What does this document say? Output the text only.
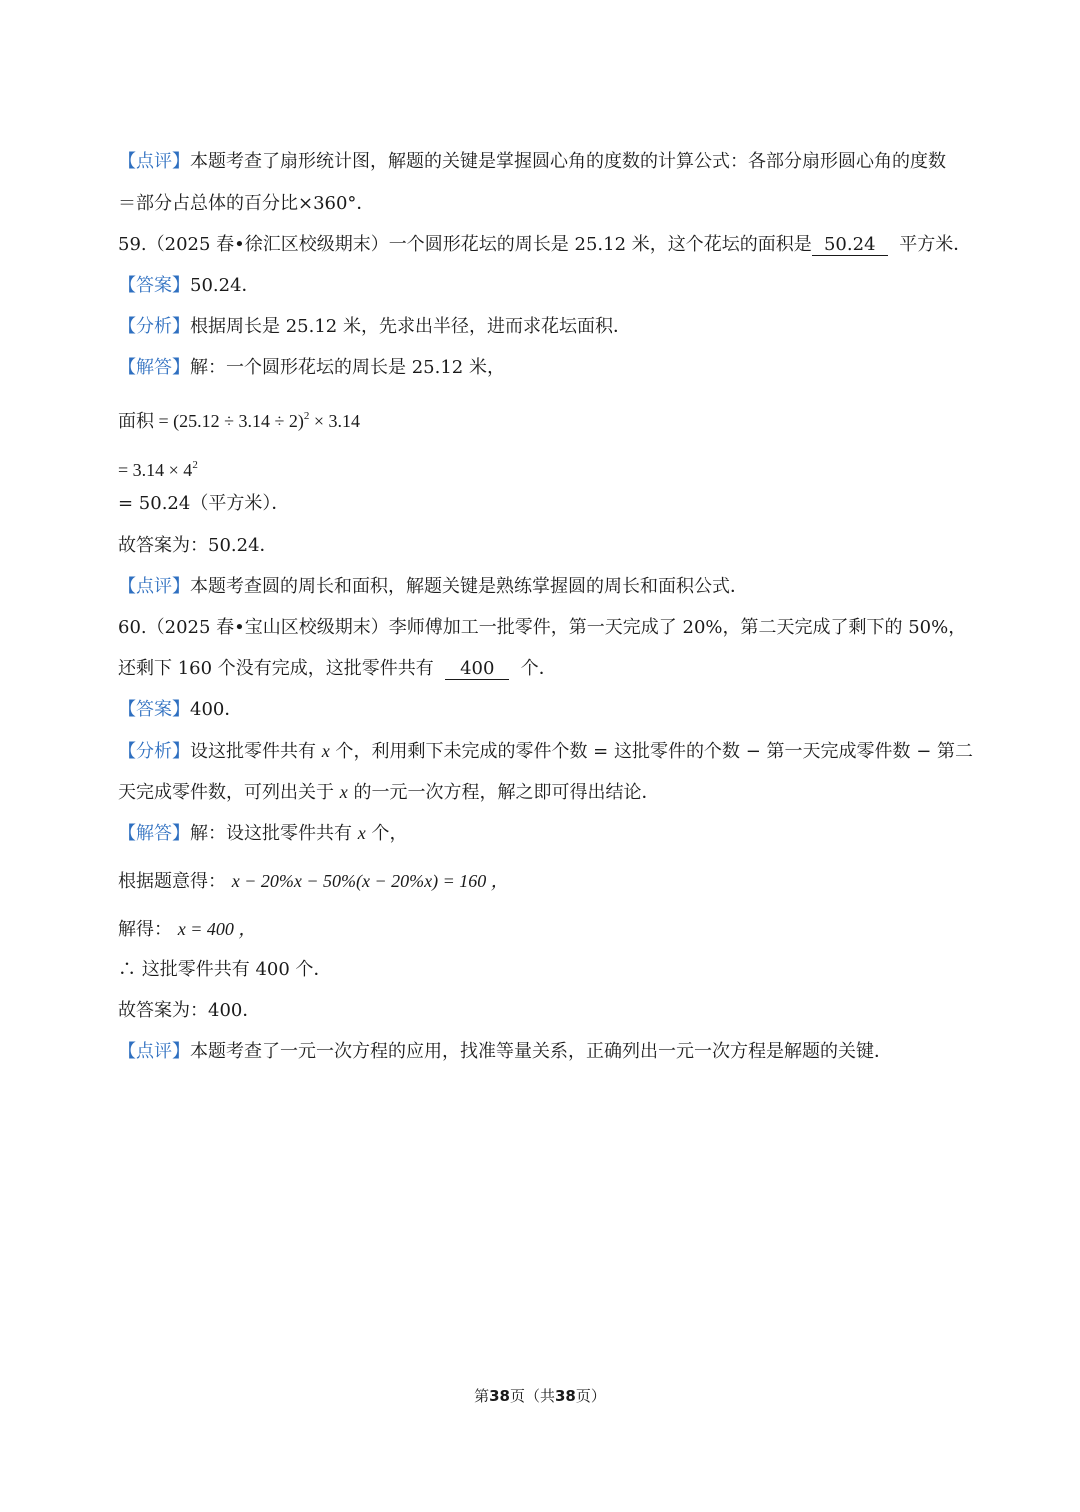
【点评】本题考查了扇形统计图，解题的关键是掌握圆心角的度数的计算公式：各部分扇形圆心角的度数
＝部分占总体的百分比×360°．
59.（2025 春•徐汇区校级期末）一个圆形花坛的周长是 25.12 米，这个花坛的面积是 50.24 平方米．
【答案】50.24．
【分析】根据周长是 25.12 米，先求出半径，进而求花坛面积．
【解答】解：一个圆形花坛的周长是 25.12 米，
面积 = $(25.12 \div 3.14 \div 2)^2 \times 3.14$
= $3.14 \times 4^2$
= 50.24（平方米）．
故答案为：50.24．
【点评】本题考查圆的周长和面积，解题关键是熟练掌握圆的周长和面积公式．
60.（2025 春•宝山区校级期末）李师傅加工一批零件，第一天完成了 20%，第二天完成了剩下的 50%，
还剩下 160 个没有完成，这批零件共有 400 个．
【答案】400．
【分析】设这批零件共有 x 个，利用剩下未完成的零件个数 = 这批零件的个数 − 第一天完成零件数 − 第二
天完成零件数，可列出关于 x 的一元一次方程，解之即可得出结论．
【解答】解：设这批零件共有 x 个，
根据题意得： x − 20%x − 50%(x − 20%x) = 160 ，
解得： x = 400 ，
∴ 这批零件共有 400 个．
故答案为：400．
【点评】本题考查了一元一次方程的应用，找准等量关系，正确列出一元一次方程是解题的关键．
第38页（共38页）
